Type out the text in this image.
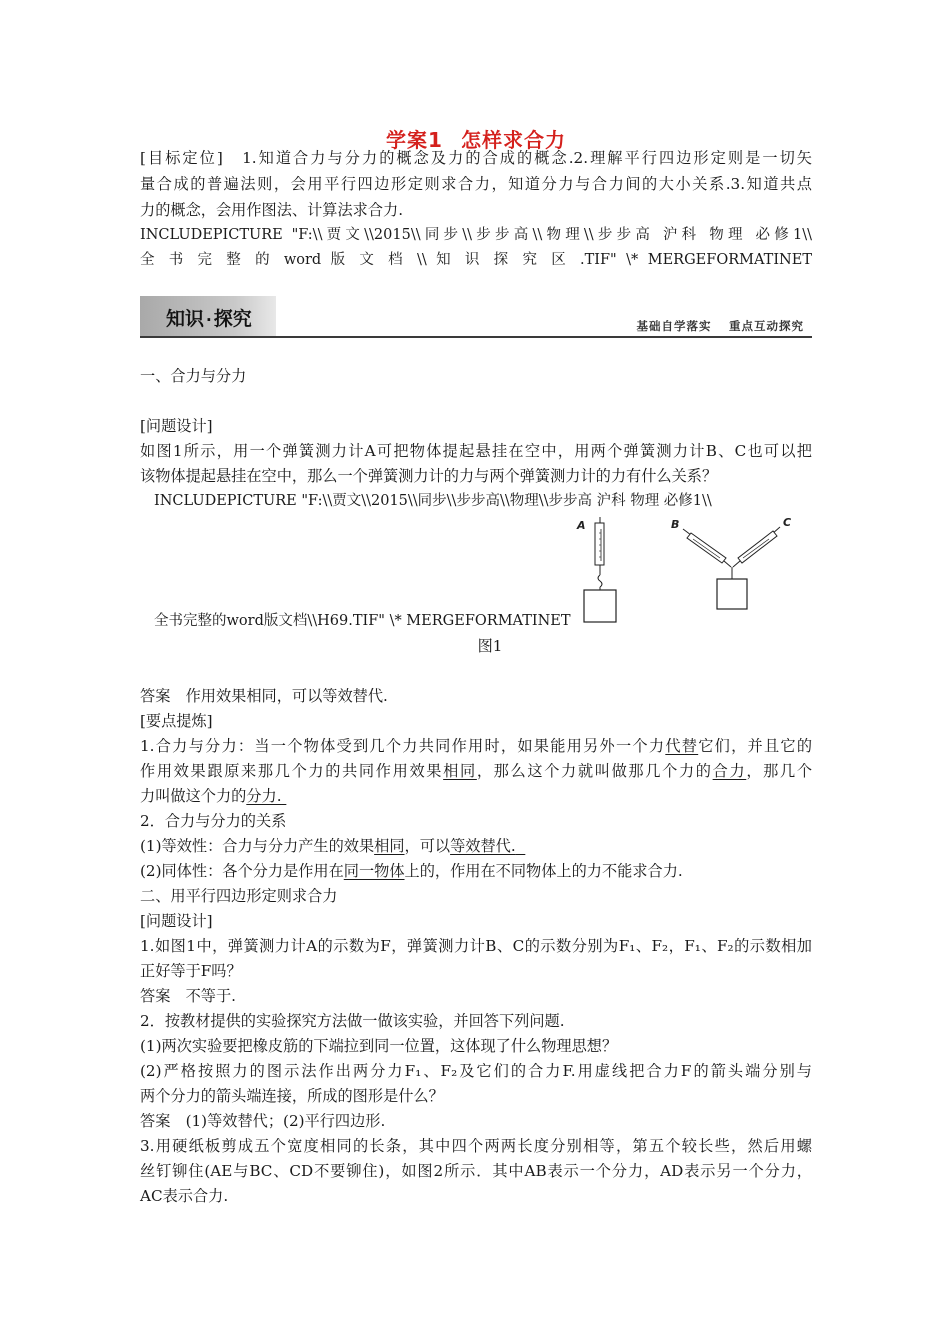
学案1 怎样求合力
[目标定位]　1.知道合力与分力的概念及力的合成的概念.2.理解平行四边形定则是一切矢
量合成的普遍法则，会用平行四边形定则求合力，知道分力与合力间的大小关系.3.知道共点
力的概念，会用作图法、计算法求合力.
INCLUDEPICTURE "F:\\贾文\\2015\\同步\\步步高\\物理\\步步高 沪科 物理 必修1\\
全 书 完 整 的 word 版 文 档 \\ 知 识 探 究 区 .TIF" \* MERGEFORMATINET
知识 · 探究	基础自学落实　 重点互动探究
一、合力与分力
[问题设计]
如图1所示，用一个弹簧测力计A可把物体提起悬挂在空中，用两个弹簧测力计B、C也可以把
该物体提起悬挂在空中，那么一个弹簧测力计的力与两个弹簧测力计的力有什么关系？
INCLUDEPICTURE "F:\\贾文\\2015\\同步\\步步高\\物理\\步步高 沪科 物理 必修1\\
全书完整的word版文档\\H69.TIF" \* MERGEFORMATINET
A	B	C
图1
答案　作用效果相同，可以等效替代.
[要点提炼]
1.合力与分力：当一个物体受到几个力共同作用时，如果能用另外一个力代替它们，并且它的
作用效果跟原来那几个力的共同作用效果相同，那么这个力就叫做那几个力的合力，那几个
力叫做这个力的分力.
2．合力与分力的关系
(1)等效性：合力与分力产生的效果相同，可以等效替代.
(2)同体性：各个分力是作用在同一物体上的，作用在不同物体上的力不能求合力.
二、用平行四边形定则求合力
[问题设计]
1.如图1中，弹簧测力计A的示数为F，弹簧测力计B、C的示数分别为F₁、F₂，F₁、F₂的示数相加
正好等于F吗？
答案　不等于.
2．按教材提供的实验探究方法做一做该实验，并回答下列问题.
(1)两次实验要把橡皮筋的下端拉到同一位置，这体现了什么物理思想？
(2)严格按照力的图示法作出两分力F₁、F₂及它们的合力F.用虚线把合力F的箭头端分别与
两个分力的箭头端连接，所成的图形是什么？
答案　(1)等效替代；(2)平行四边形.
3.用硬纸板剪成五个宽度相同的长条，其中四个两两长度分别相等，第五个较长些，然后用螺
丝钉铆住(AE与BC、CD不要铆住)，如图2所示．其中AB表示一个分力，AD表示另一个分力，
AC表示合力.
